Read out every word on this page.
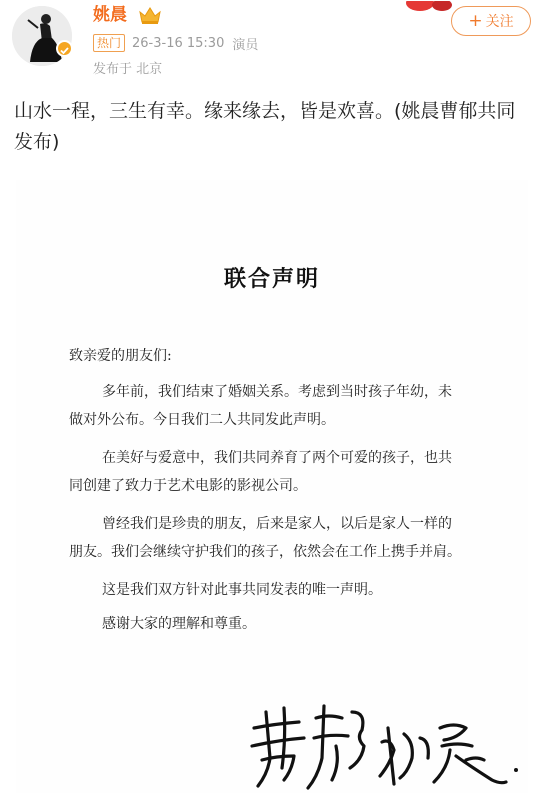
姚晨
热门 26-3-16 15:30 演员
发布于 北京
+ 关注
山水一程，三生有幸。缘来缘去，皆是欢喜。(姚晨曹郁共同发布)
联合声明
致亲爱的朋友们:
多年前，我们结束了婚姻关系。考虑到当时孩子年幼，未
做对外公布。今日我们二人共同发此声明。
在美好与爱意中，我们共同养育了两个可爱的孩子，也共
同创建了致力于艺术电影的影视公司。
曾经我们是珍贵的朋友，后来是家人，以后是家人一样的
朋友。我们会继续守护我们的孩子，依然会在工作上携手并肩。
这是我们双方针对此事共同发表的唯一声明。
感谢大家的理解和尊重。
